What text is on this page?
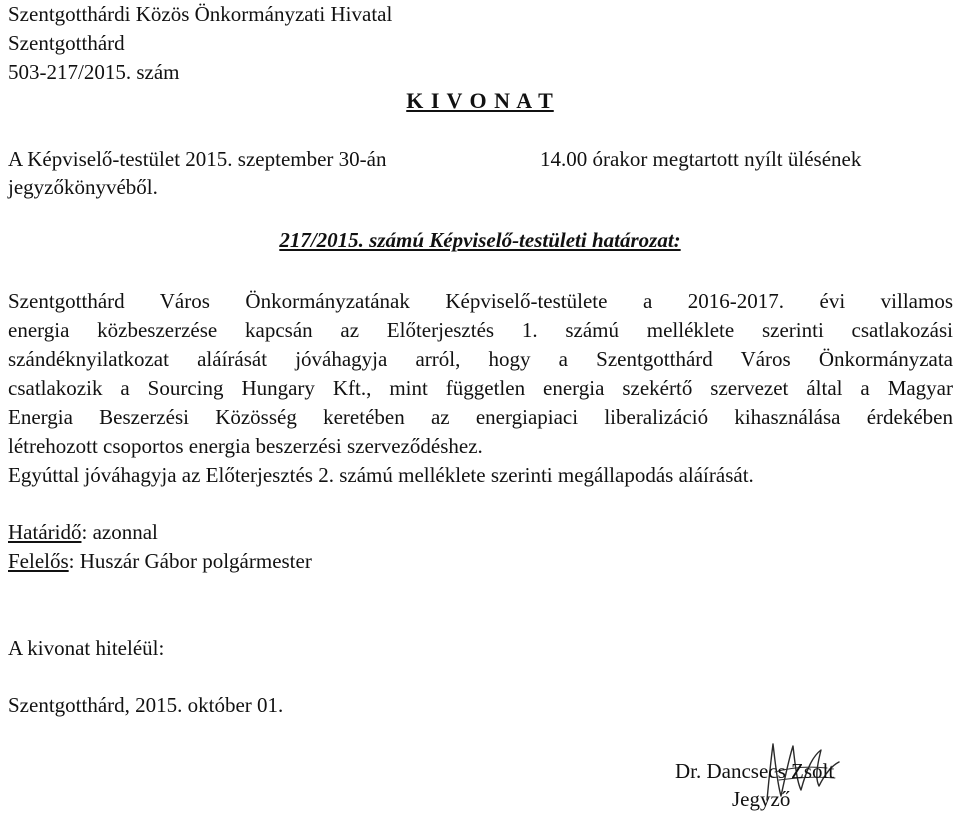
Szentgotthárdi Közös Önkormányzati Hivatal
Szentgotthárd
503-217/2015. szám
K I V O N A T
A Képviselő-testület 2015. szeptember 30-án	14.00 órakor megtartott nyílt ülésének
jegyzőkönyvéből.
217/2015. számú Képviselő-testületi határozat:
Szentgotthárd Város Önkormányzatának Képviselő-testülete a 2016-2017. évi villamos
energia közbeszerzése kapcsán az Előterjesztés 1. számú melléklete szerinti csatlakozási
szándéknyilatkozat aláírását jóváhagyja arról, hogy a Szentgotthárd Város Önkormányzata
csatlakozik a Sourcing Hungary Kft., mint független energia szekértő szervezet által a Magyar
Energia Beszerzési Közösség keretében az energiapiaci liberalizáció kihasználása érdekében
létrehozott csoportos energia beszerzési szerveződéshez.
Egyúttal jóváhagyja az Előterjesztés 2. számú melléklete szerinti megállapodás aláírását.
Határidő: azonnal
Felelős: Huszár Gábor polgármester
A kivonat hiteléül:
Szentgotthárd, 2015. október 01.
Dr. Dancsecs Zsolt
Jegyző
